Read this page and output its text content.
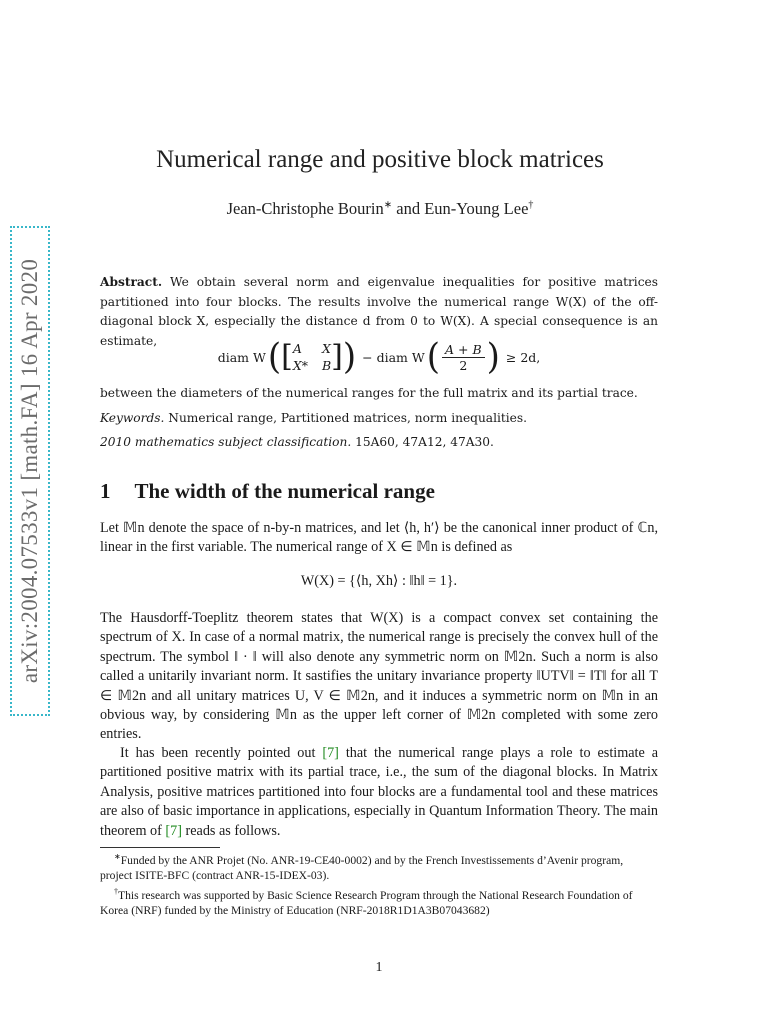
arXiv:2004.07533v1 [math.FA] 16 Apr 2020
Numerical range and positive block matrices
Jean-Christophe Bourin∗ and Eun-Young Lee†
Abstract. We obtain several norm and eigenvalue inequalities for positive matrices partitioned into four blocks. The results involve the numerical range W(X) of the off-diagonal block X, especially the distance d from 0 to W(X). A special consequence is an estimate,
diam W ( [ A	X
X* B ] )
−
diam W ( $\frac{A + B}{2}$ )
≥ 2d,
between the diameters of the numerical ranges for the full matrix and its partial trace.
Keywords. Numerical range, Partitioned matrices, norm inequalities.
2010 mathematics subject classification. 15A60, 47A12, 47A30.
1 The width of the numerical range
Let 𝕄n denote the space of n-by-n matrices, and let ⟨h, h′⟩ be the canonical inner product of ℂn, linear in the first variable. The numerical range of X ∈ 𝕄n is defined as
W(X) = {⟨h, Xh⟩ : ‖h‖ = 1}.
The Hausdorff-Toeplitz theorem states that W(X) is a compact convex set containing the spectrum of X. In case of a normal matrix, the numerical range is precisely the convex hull of the spectrum. The symbol ‖ · ‖ will also denote any symmetric norm on 𝕄2n. Such a norm is also called a unitarily invariant norm. It sastifies the unitary invariance property ‖UTV‖ = ‖T‖ for all T ∈ 𝕄2n and all unitary matrices U, V ∈ 𝕄2n, and it induces a symmetric norm on 𝕄n in an obvious way, by considering 𝕄n as the upper left corner of 𝕄2n completed with some zero entries.
It has been recently pointed out [7] that the numerical range plays a role to estimate a partitioned positive matrix with its partial trace, i.e., the sum of the diagonal blocks. In Matrix Analysis, positive matrices partitioned into four blocks are a fundamental tool and these matrices are also of basic importance in applications, especially in Quantum Information Theory. The main theorem of [7] reads as follows.

∗Funded by the ANR Projet (No. ANR-19-CE40-0002) and by the French Investissements d’Avenir program, project ISITE-BFC (contract ANR-15-IDEX-03).

†This research was supported by Basic Science Research Program through the National Research Foundation of Korea (NRF) funded by the Ministry of Education (NRF-2018R1D1A3B07043682)

1
